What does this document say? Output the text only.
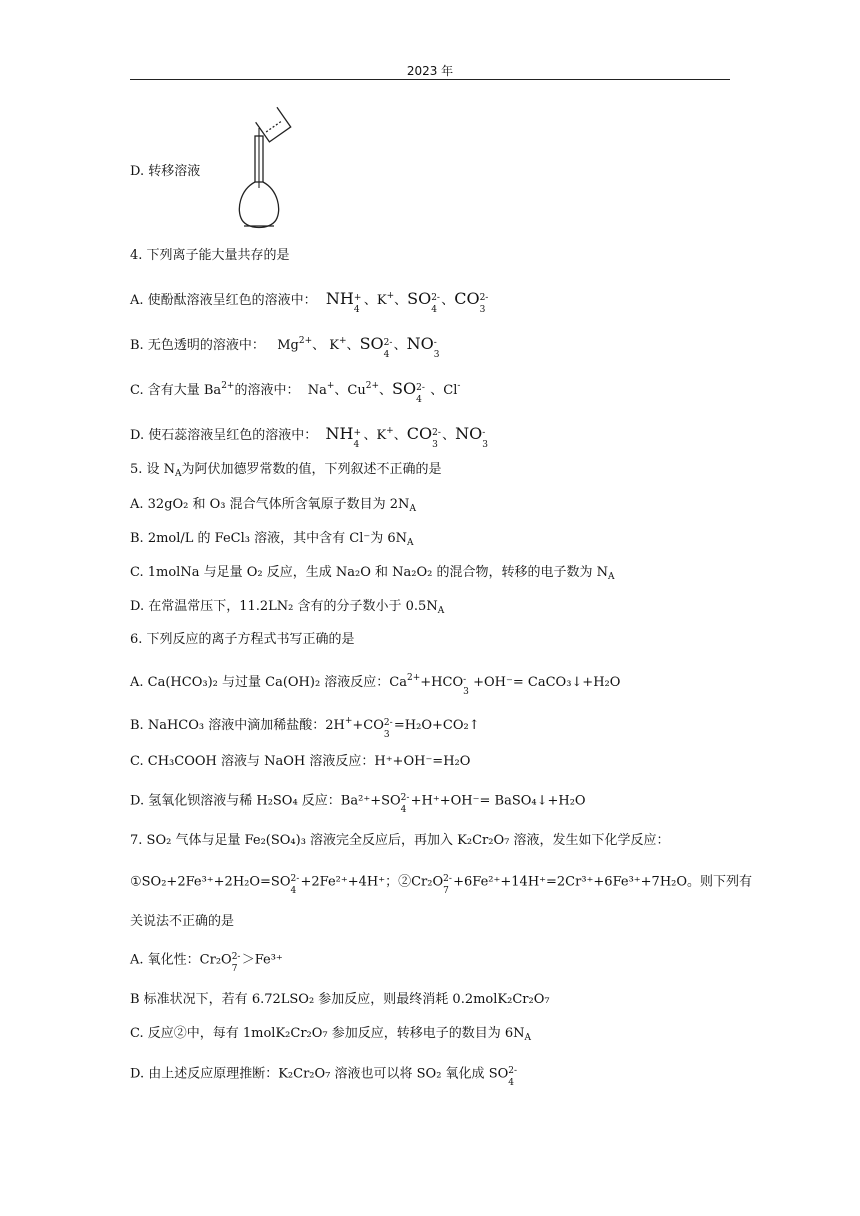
2023 年
D. 转移溶液
4. 下列离子能大量共存的是
A. 使酚酞溶液呈红色的溶液中：  NH +
4
、K+、SO 2-
4
、CO 2-
3
B. 无色透明的溶液中：   $Mg^{2+}$、 K+、SO 2-
4
、NO -
3
C. 含有大量 $Ba^{2+}$的溶液中：  Na+、$Cu^{2+}$、SO 2-
4
、Cl-
D. 使石蕊溶液呈红色的溶液中： NH +
4
、K+、CO 2-
3
、NO -
3
5. 设 $N_A$为阿伏加德罗常数的值，下列叙述不正确的是
A. 32gO₂ 和 O₃ 混合气体所含氧原子数目为 $2N_A$
B. 2mol/L 的 FeCl₃ 溶液，其中含有 Cl⁻为 $6N_A$
C. 1molNa 与足量 O₂ 反应，生成 Na₂O 和 Na₂O₂ 的混合物，转移的电子数为 $N_A$
D. 在常温常压下，11.2LN₂ 含有的分子数小于 $0.5N_A$
6. 下列反应的离子方程式书写正确的是
A. Ca(HCO₃)₂ 与过量 Ca(OH)₂ 溶液反应：$Ca^{2+}+HCO$ -
3
+OH⁻= CaCO₃↓+H₂O
B. NaHCO₃ 溶液中滴加稀盐酸：2H++CO 2-
3
=H₂O+CO₂↑
C. CH₃COOH 溶液与 NaOH 溶液反应：H⁺+OH⁻=H₂O
D. 氢氧化钡溶液与稀 H₂SO₄ 反应：Ba²⁺+SO 2-
4
+H⁺+OH⁻= BaSO₄↓+H₂O
7. SO₂ 气体与足量 Fe₂(SO₄)₃ 溶液完全反应后，再加入 K₂Cr₂O₇ 溶液，发生如下化学反应：
①SO₂+2Fe³⁺+2H₂O=SO 2-
4
+2Fe²⁺+4H⁺；②Cr₂O 2-
7
+6Fe²⁺+14H⁺=2Cr³⁺+6Fe³⁺+7H₂O。则下列有
关说法不正确的是
A. 氧化性：Cr₂O 2-
7
＞Fe³⁺
B 标准状况下，若有 6.72LSO₂ 参加反应，则最终消耗 0.2molK₂Cr₂O₇
C. 反应②中，每有 1molK₂Cr₂O₇ 参加反应，转移电子的数目为 $6N_A$
D. 由上述反应原理推断：K₂Cr₂O₇ 溶液也可以将 SO₂ 氧化成 SO 2-
4
